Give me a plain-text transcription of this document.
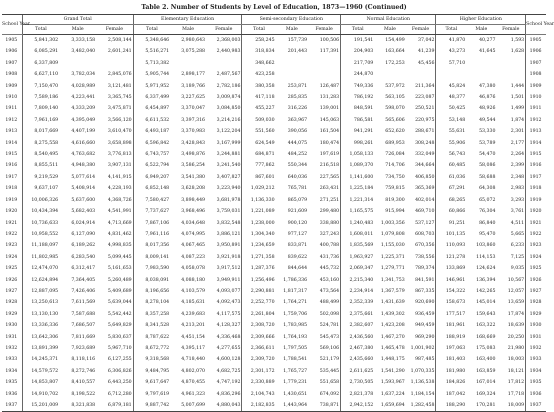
Table 2. Number of Students by Level of Education, 1873—1960 (Continued)
School Year	Grand Total			Elementary Education			Semi-secondary Education			Normal Education			Higher Education			School Year
	Total	Male	Female	Total	Male	Female	Total	Male	Female	Total	Male	Female	Total	Male	Female	
1905	5,841,302	3,333,158	2,508,144	5,348,646	2,980,643	2,368,003	258,245	157,739	100,506	191,541	154,499	37,042	41,870	40,277	1,593	1905
1906	6,085,291	3,482,040	2,601,241	5,516,271	3,075,288	2,440,983	318,834	201,443	117,391	204,903	163,664	41,239	43,273	41,645	1,628	1906
1907	6,337,809			5,713,382			348,662			217,709	172,253	45,456	57,710			1907
1908	6,627,110	3,782,034	2,845,076	5,905,744	2,898,177	2,487,567	423,258			244,870						1908
1909	7,150,470	4,028,989	3,121,481	5,971,952	3,189,766	2,782,186	380,358	253,871	126,487	749,336	537,972	211,364	45,824	47,380	1,444	1909

1910	7,589,186	4,223,441	3,365,745	6,337,499	3,227,625	3,009,874	417,118	285,835	131,283	786,192	563,105	223,087	48,377	46,876	1,501	1910
1911	7,809,140	4,333,209	3,475,871	6,454,897	3,370,047	3,084,850	455,227	316,226	139,001	848,591	598,070	250,521	50,425	48,926	1,499	1911
1912	7,961,169	4,395,049	3,566,120	6,611,532	3,397,316	3,214,216	509,030	363,967	145,063	786,581	565,606	220,975	53,148	49,544	1,874	1912
1913	8,017,669	4,407,199	3,610,470	6,493,187	3,370,983	3,122,204	551,560	390,056	161,504	941,291	652,620	288,671	55,631	53,330	2,301	1913
1914	8,275,558	4,616,660	3,658,898	6,596,842	3,428,843	3,167,999	624,549	444,075	180,474	998,261	689,953	308,248	55,906	53,789	2,177	1914

1915	8,540,495	4,763,682	3,776,813	6,743,757	3,498,876	3,244,881	684,871	484,252	197,619	1,058,133	726,084	332,049	56,743	54,470	2,264	1915
1916	8,855,511	4,948,380	3,907,131	6,522,794	3,586,254	3,241,540	777,862	550,344	216,518	1,089,370	714,706	344,664	60,485	58,086	2,399	1916
1917	9,219,529	5,077,614	4,141,915	6,949,207	3,541,380	3,407,827	867,601	640,036	227,565	1,141,600	734,750	406,850	61,036	58,688	2,348	1917
1918	9,637,107	5,408,914	4,228,193	6,852,148	3,628,208	3,223,940	1,029,212	765,781	263,431	1,225,184	759,815	365,369	67,291	64,308	2,983	1918
1919	10,006,326	5,637,600	4,368,726	7,580,427	3,898,449	3,681,978	1,136,330	865,079	271,251	1,221,314	819,300	402,014	68,265	65,072	3,293	1919

1920	10,434,394	5,682,403	4,541,991	7,737,627	3,968,496	3,759,031	1,221,089	921,609	299,480	1,165,575	915,994	469,710	60,866	76,304	3,761	1920
1921	10,736,633	6,024,914	4,713,669	7,867,106	4,034,648	3,832,548	1,238,000	900,120	338,880	1,240,483	1,003,356	537,127	91,251	86,840	4,511	1921
1922	10,958,552	6,127,090	4,831,462	7,961,116	4,074,995	3,886,121	1,304,340	977,127	327,243	1,608,011	1,079,808	608,703	101,135	95,470	5,665	1922
1923	11,188,097	6,189,262	4,998,835	8,017,356	4,067,465	3,950,891	1,234,659	833,871	400,788	1,835,569	1,155,030	670,356	110,093	103,860	6,233	1923
1924	11,802,985	6,283,540	5,099,445	8,009,141	4,087,223	3,921,918	1,271,358	839,622	431,736	1,963,927	1,225,371	738,556	121,278	114,153	7,125	1924

1925	12,474,070	6,312,417	5,161,653	7,983,590	4,058,078	3,917,512	1,287,376	844,644	445,732	2,069,347	1,279,771	789,374	133,869	124,624	9,035	1925
1926	12,624,894	7,364,405	5,260,489	8,038,091	4,088,180	3,949,911	1,256,496	1,786,336	453,160	2,215,340	1,341,753	841,591	146,961	136,394	10,567	1926
1927	12,887,095	7,426,406	5,409,689	8,196,656	4,103,579	4,093,077	2,290,881	1,817,317	473,564	2,234,914	1,367,579	867,335	154,322	142,265	12,057	1927
1928	13,250,613	7,611,569	5,639,044	8,278,104	4,185,631	4,092,473	2,252,770	1,764,271	488,499	2,352,339	1,431,639	920,690	158,673	145,014	13,659	1928
1929	13,130,130	7,587,688	5,542,442	8,357,258	4,239,683	4,117,575	2,261,804	1,759,706	502,098	2,375,661	1,439,302	936,459	177,517	159,643	17,874	1929

1930	13,336,336	7,686,507	5,649,829	8,341,528	4,213,201	4,128,327	2,308,720	1,783,985	524,781	2,382,607	1,423,208	949,459	181,961	163,322	18,639	1930
1931	13,642,306	7,811,669	5,830,637	8,787,622	4,451,154	4,336,468	2,309,666	1,764,193	545,473	2,436,560	1,467,270	969,290	188,919	168,669	20,250	1931
1932	13,891,399	7,923,689	5,967,710	8,672,772	4,395,117	4,277,655	2,366,611	1,797,505	569,106	2,467,380	1,465,478	1,001,902	197,063	175,083	21,980	1932
1933	14,245,371	8,118,116	6,127,255	9,318,568	4,718,440	4,600,128	2,309,720	1,788,541	521,179	2,435,660	1,448,175	987,485	181,403	163,400	18,003	1933
1934	14,579,572	8,272,746	6,306,826	9,484,795	4,802,070	4,682,725	2,301,172	1,765,727	535,445	2,611,625	1,541,290	1,070,335	181,980	163,859	18,121	1934

1935	14,853,807	8,410,557	6,443,250	9,617,647	4,870,455	4,747,192	2,330,889	1,779,231	551,658	2,730,505	1,593,967	1,136,538	184,826	167,014	17,812	1935
1936	14,910,702	8,198,522	6,712,280	9,797,619	4,961,323	4,836,296	2,104,743	1,430,651	674,092	2,821,378	1,637,224	1,184,154	187,042	169,324	17,718	1936
1937	15,201,009	8,321,838	6,879,181	9,887,742	5,007,699	4,880,043	2,182,835	1,443,964	738,871	2,942,152	1,659,694	1,282,458	188,290	170,281	18,009	1937
